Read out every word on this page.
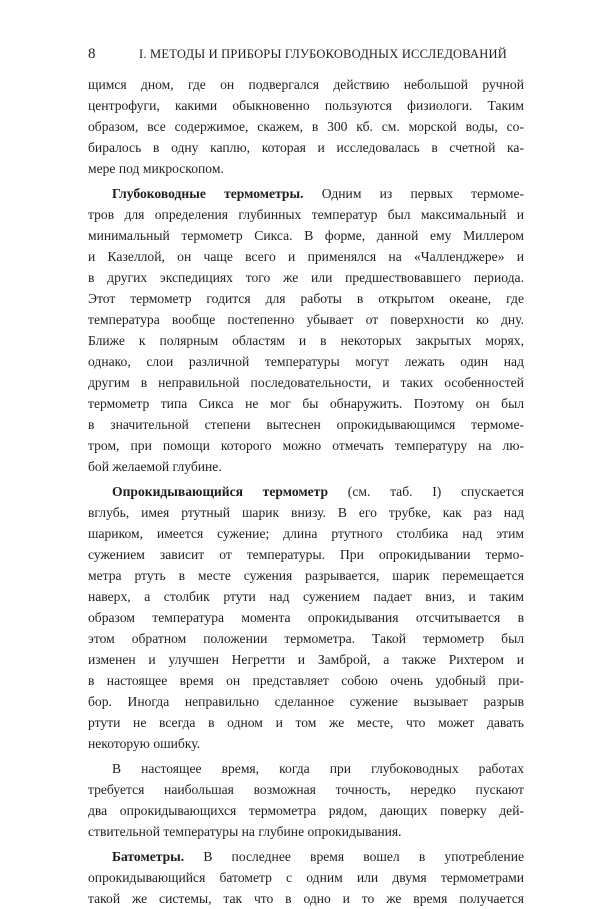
8	I. МЕТОДЫ И ПРИБОРЫ ГЛУБОКОВОДНЫХ ИССЛЕДОВАНИЙ
щимся дном, где он подвергался действию небольшой ручной
центрофуги, какими обыкновенно пользуются физиологи. Таким
образом, все содержимое, скажем, в 300 кб. см. морской воды, со-
биралось в одну каплю, которая и исследовалась в счетной ка-
мере под микроскопом.
Глубоководные термометры. Одним из первых термоме-
тров для определения глубинных температур был максимальный и
минимальный термометр Сикса. В форме, данной ему Миллером
и Казеллой, он чаще всего и применялся на «Чалленджере» и
в других экспедициях того же или предшествовавшего периода.
Этот термометр годится для работы в открытом океане, где
температура вообще постепенно убывает от поверхности ко дну.
Ближе к полярным областям и в некоторых закрытых морях,
однако, слои различной температуры могут лежать один над
другим в неправильной последовательности, и таких особенностей
термометр типа Сикса не мог бы обнаружить. Поэтому он был
в значительной степени вытеснен опрокидывающимся термоме-
тром, при помощи которого можно отмечать температуру на лю-
бой желаемой глубине.
Опрокидывающийся термометр (см. таб. I) спускается
вглубь, имея ртутный шарик внизу. В его трубке, как раз над
шариком, имеется сужение; длина ртутного столбика над этим
сужением зависит от температуры. При опрокидывании термо-
метра ртуть в месте сужения разрывается, шарик перемещается
наверх, а столбик ртути над сужением падает вниз, и таким
образом температура момента опрокидывания отсчитывается в
этом обратном положении термометра. Такой термометр был
изменен и улучшен Негретти и Замброй, а также Рихтером и
в настоящее время он представляет собою очень удобный при-
бор. Иногда неправильно сделанное сужение вызывает разрыв
ртути не всегда в одном и том же месте, что может давать
некоторую ошибку.
В настоящее время, когда при глубоководных работах
требуется наибольшая возможная точность, нередко пускают
два опрокидывающихся термометра рядом, дающих поверку дей-
ствительной температуры на глубине опрокидывания.
Батометры. В последнее время вошел в употребление
опрокидывающийся батометр с одним или двумя термометрами
такой же системы, так что в одно и то же время получается
